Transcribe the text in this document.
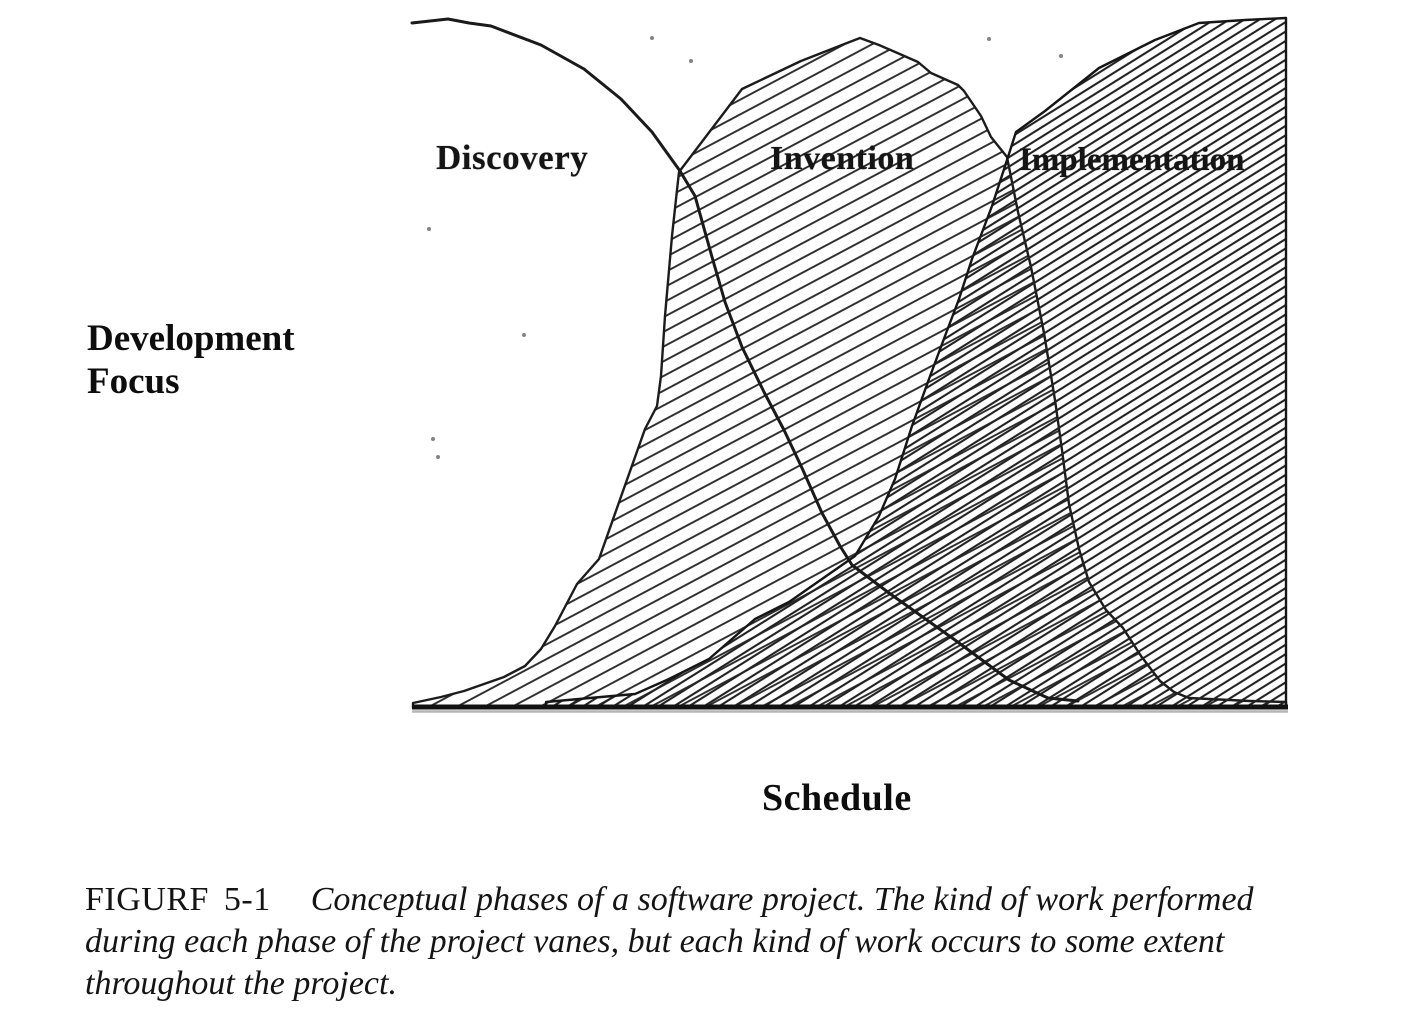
Discovery	Invention	Implementation
Development
Focus
Schedule
FIGURF 5-1 Conceptual phases of a software project. The kind of work performed
during each phase of the project vanes, but each kind of work occurs to some extent
throughout the project.
